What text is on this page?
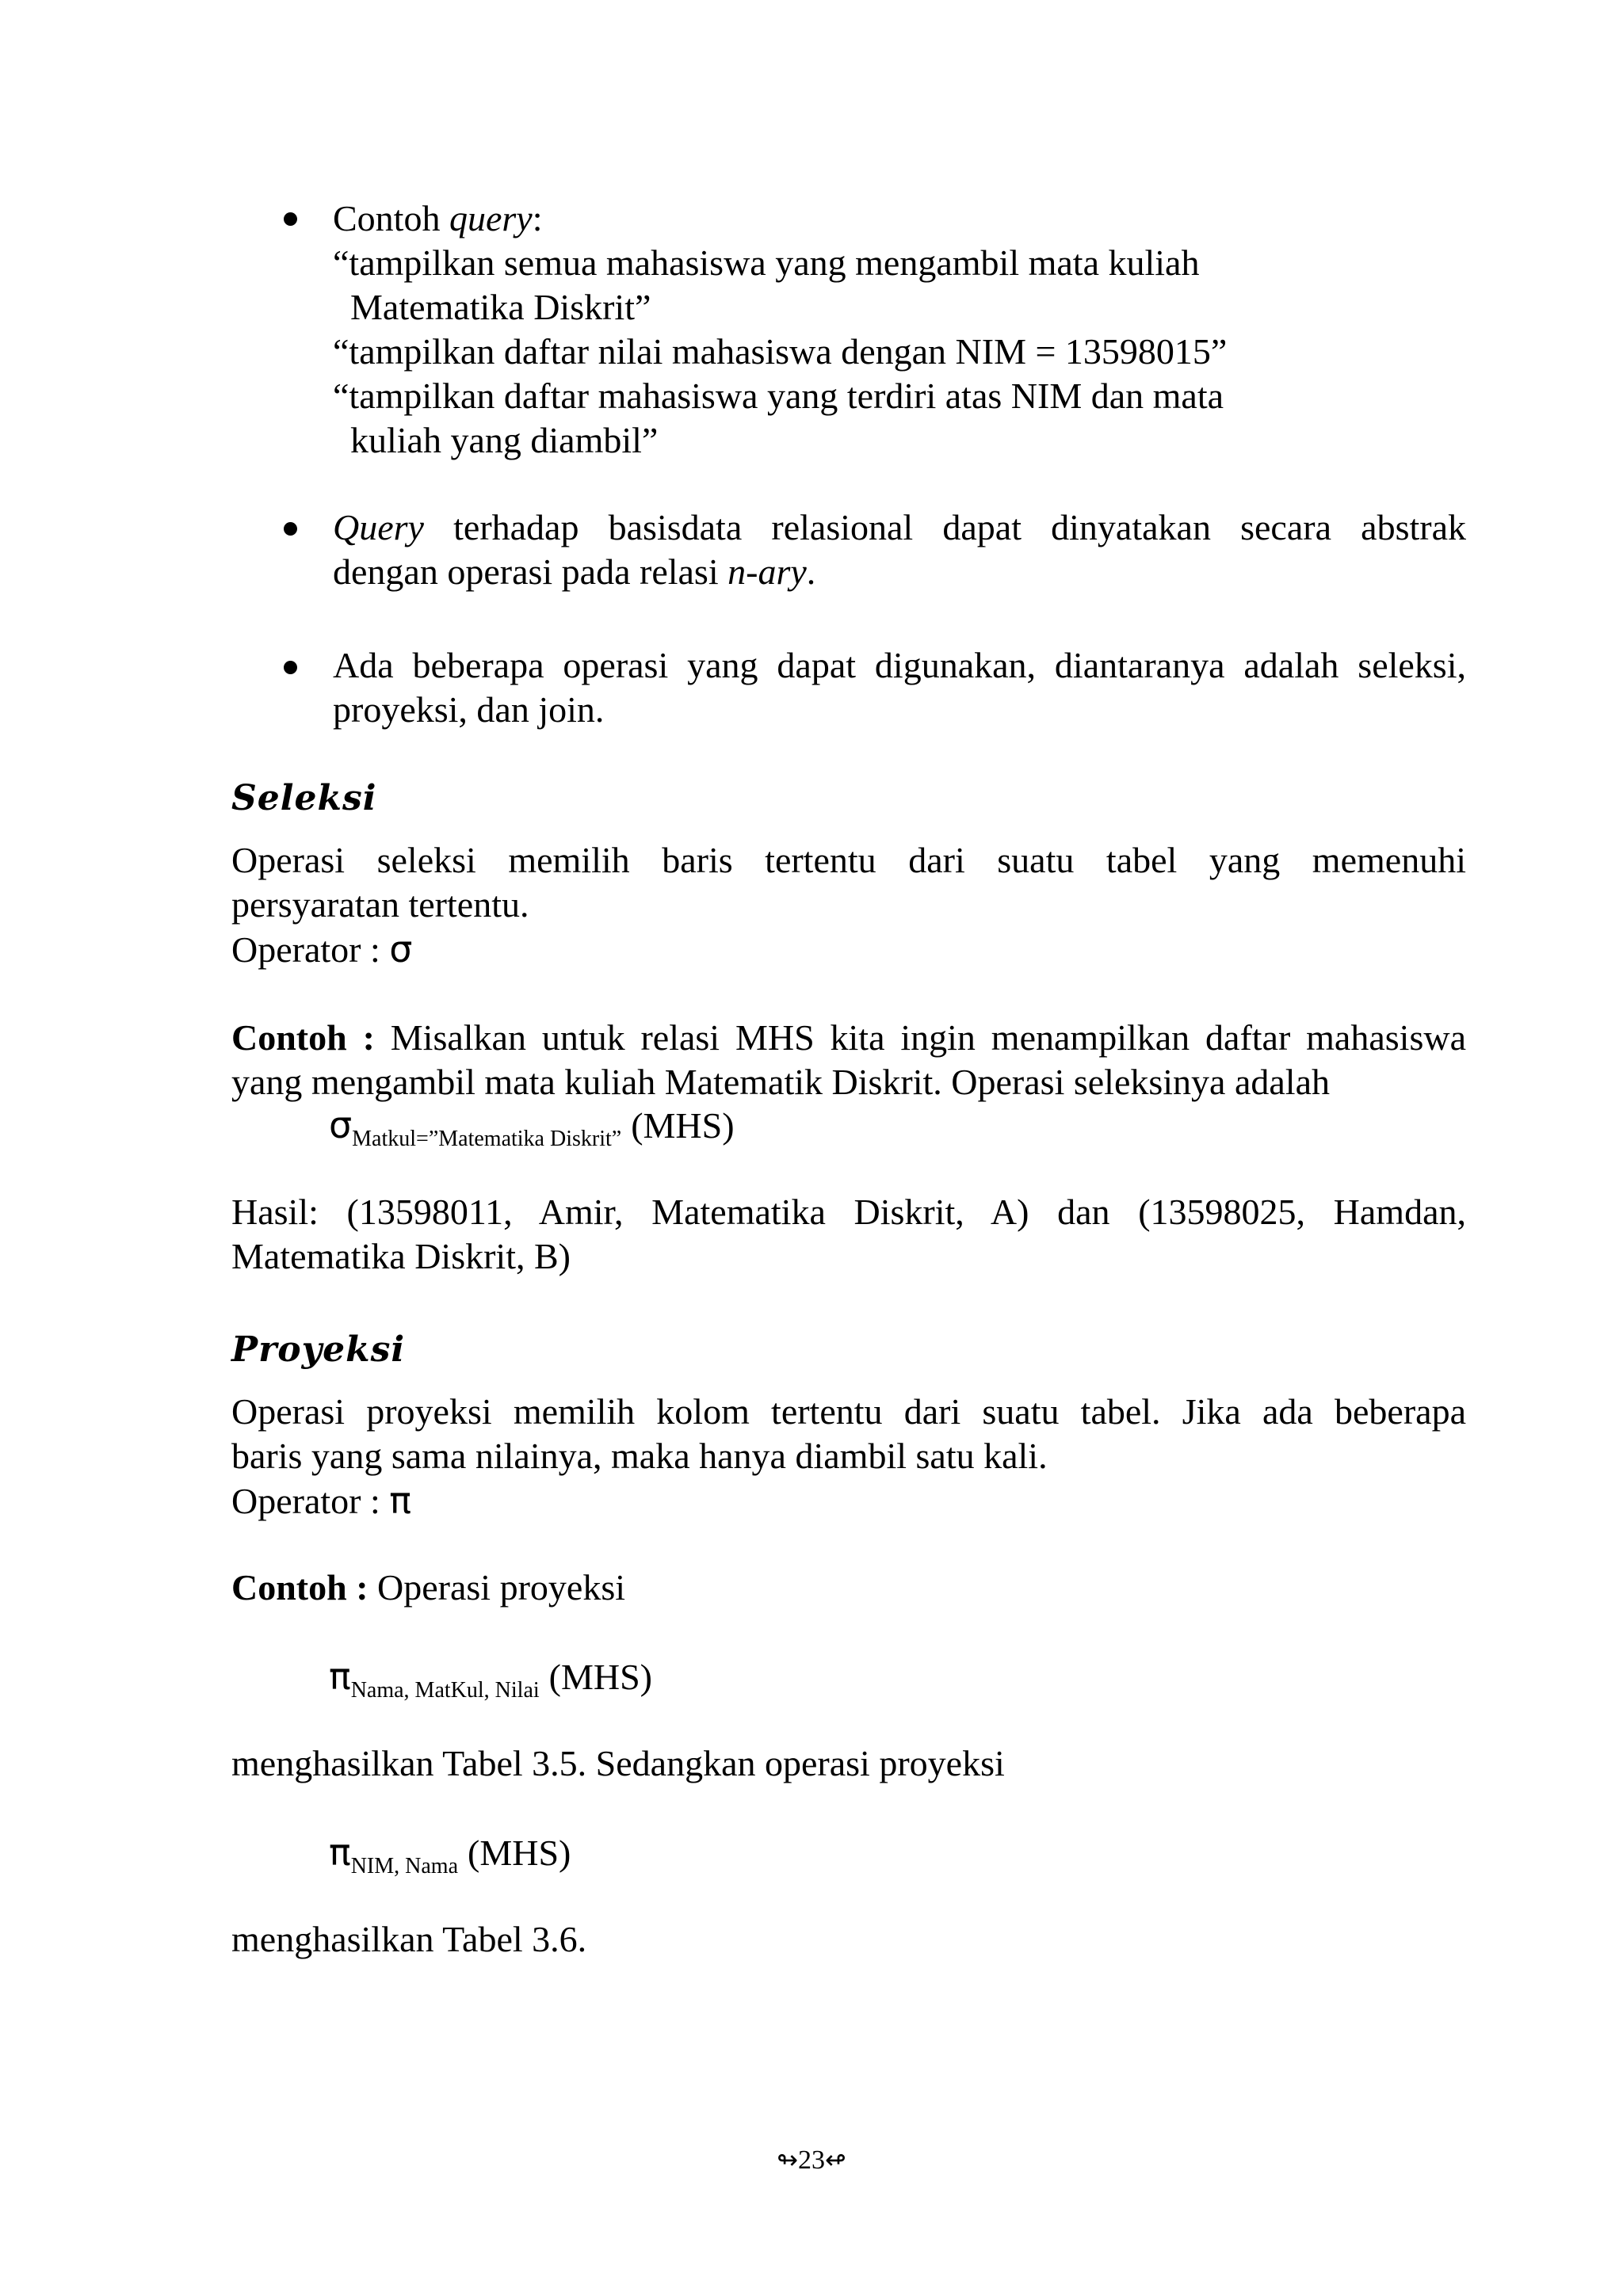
Contoh query:
“tampilkan semua mahasiswa yang mengambil mata kuliah
Matematika Diskrit”
“tampilkan daftar nilai mahasiswa dengan NIM = 13598015”
“tampilkan daftar mahasiswa yang terdiri atas NIM dan mata
kuliah yang diambil”
Query terhadap basisdata relasional dapat dinyatakan secara abstrak
dengan operasi pada relasi n-ary.
Ada beberapa operasi yang dapat digunakan, diantaranya adalah seleksi,
proyeksi, dan join.
Seleksi
Operasi seleksi memilih baris tertentu dari suatu tabel yang memenuhi
persyaratan tertentu.
Operator : σ
Contoh : Misalkan untuk relasi MHS kita ingin menampilkan daftar mahasiswa
yang mengambil mata kuliah Matematik Diskrit. Operasi seleksinya adalah
$\sigma_{Matkul=”Matematika Diskrit”}$ (MHS)
Hasil: (13598011, Amir, Matematika Diskrit, A) dan (13598025, Hamdan,
Matematika Diskrit, B)
Proyeksi
Operasi proyeksi memilih kolom tertentu dari suatu tabel. Jika ada beberapa
baris yang sama nilainya, maka hanya diambil satu kali.
Operator : π
Contoh : Operasi proyeksi
$\pi_{Nama, MatKul, Nilai}$ (MHS)
menghasilkan Tabel 3.5. Sedangkan operasi proyeksi
$\pi_{NIM, Nama}$ (MHS)
menghasilkan Tabel 3.6.
↬23↫
